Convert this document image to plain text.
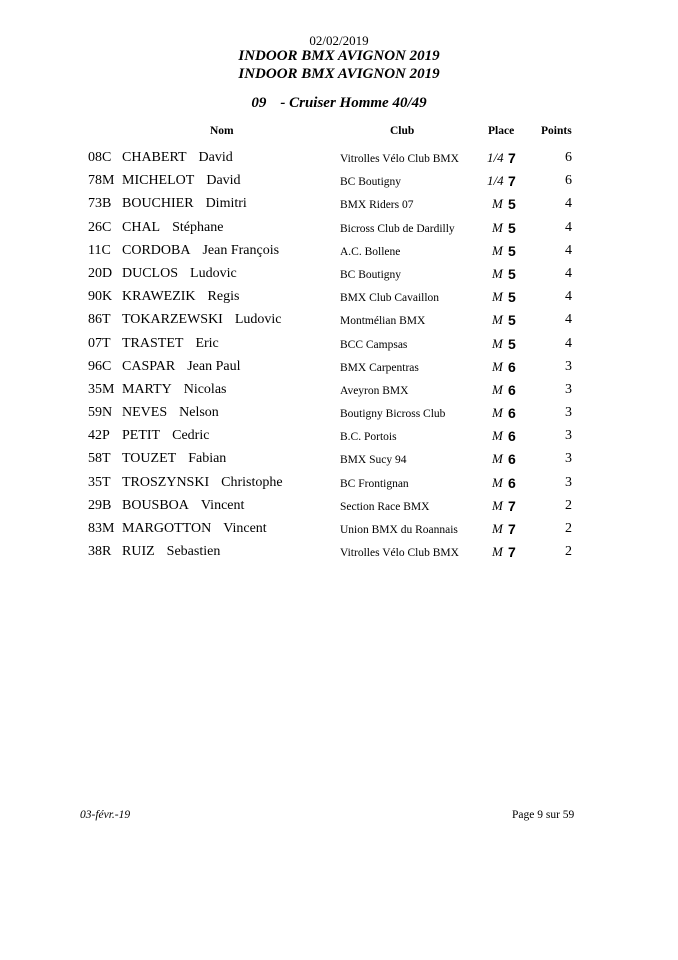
02/02/2019
INDOOR BMX AVIGNON 2019
INDOOR BMX AVIGNON 2019
09 - Cruiser Homme 40/49
Nom	Club	Place Points
08C CHABERT David	Vitrolles Vélo Club BMX 1/4 7	6
78M MICHELOT David	BC Boutigny	1/4 7	6
73B BOUCHIER Dimitri	BMX Riders 07	M 5	4
26C CHAL Stéphane	Bicross Club de Dardilly	M 5	4
11C CORDOBA Jean François	A.C. Bollene	M 5	4
20D DUCLOS Ludovic	BC Boutigny	M 5	4
90K KRAWEZIK Regis	BMX Club Cavaillon	M 5	4
86T TOKARZEWSKI Ludovic	Montmélian BMX	M 5	4
07T TRASTET Eric	BCC Campsas	M 5	4
96C CASPAR Jean Paul	BMX Carpentras	M 6	3
35M MARTY Nicolas	Aveyron BMX	M 6	3
59N NEVES Nelson	Boutigny Bicross Club	M 6	3
42P PETIT Cedric	B.C. Portois	M 6	3
58T TOUZET Fabian	BMX Sucy 94	M 6	3
35T TROSZYNSKI Christophe	BC Frontignan	M 6	3
29B BOUSBOA Vincent	Section Race BMX	M 7	2
83M MARGOTTON Vincent	Union BMX du Roannais	M 7	2
38R RUIZ Sebastien	Vitrolles Vélo Club BMX	M 7	2
03-févr.-19	Page 9 sur 59
